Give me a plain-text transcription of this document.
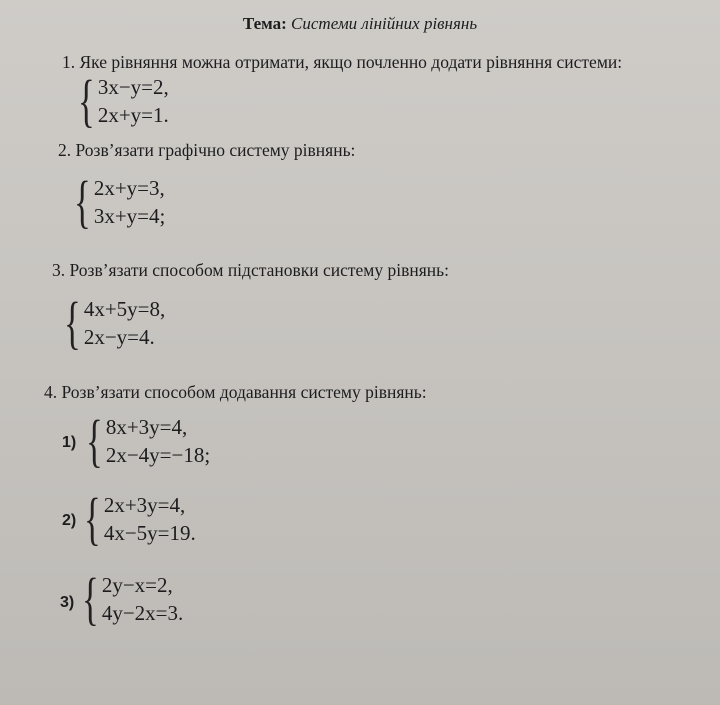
Тема: Системи лінійних рівнянь
1. Яке рівняння можна отримати, якщо почленно додати рівняння системи:
{ 3x−y=2,
2x+y=1.
2. Розв’язати графічно систему рівнянь:
{ 2x+y=3,
3x+y=4;
3. Розв’язати способом підстановки систему рівнянь:
{ 4x+5y=8,
2x−y=4.
4. Розв’язати способом додавання систему рівнянь:
1) { 8x+3y=4,
2x−4y=−18;
2) { 2x+3y=4,
4x−5y=19.
3) { 2y−x=2,
4y−2x=3.
